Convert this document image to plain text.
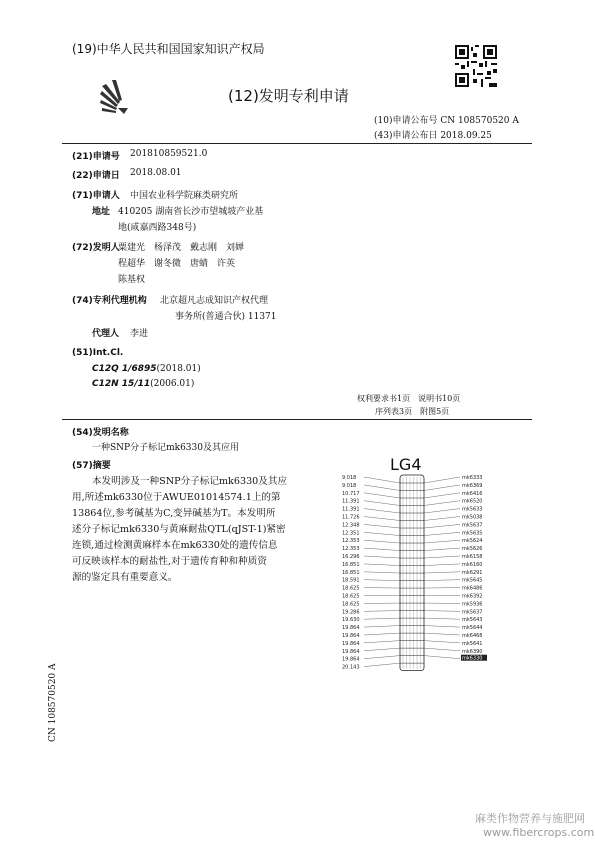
(19)中华人民共和国国家知识产权局
(12)发明专利申请
(10)申请公布号 CN 108570520 A
(43)申请公布日 2018.09.25
(21)申请号 201810859521.0
(22)申请日 2018.08.01
(71)申请人 中国农业科学院麻类研究所
地址 410205 湖南省长沙市望城坡产业基
地(咸嘉西路348号)
(72)发明人
粟建光　杨泽茂　戴志刚　刘婵
程超华　谢冬微　唐蜻　许英
陈基权
(74)专利代理机构 北京超凡志成知识产权代理
事务所(普通合伙) 11371
代理人 李进
(51)Int.Cl.
C12Q 1/6895(2018.01)
C12N 15/11(2006.01)
权利要求书1页　说明书10页
序列表3页　附图5页
(54)发明名称
一种SNP分子标记mk6330及其应用
(57)摘要
本发明涉及一种SNP分子标记mk6330及其应
用,所述mk6330位于AWUE01014574.1上的第
13864位,参考碱基为C,变异碱基为T。本发明所
述分子标记mk6330与黄麻耐盐QTL(qJST-1)紧密
连锁,通过检测黄麻样本在mk6330处的遗传信息
可反映该样本的耐盐性,对于遗传育种和种质资
源的鉴定具有重要意义。
LG4
9.018
9.018
10.717
11.391
11.391
11.726
12.348
12.351
12.353
12.353
16.296
16.851
16.851
18.591
18.625
18.625
18.625
19.286
19.630
19.864
19.864
19.864
19.864
19.864
20.143
mk6333
mk6369
mk6416
mk6520
mk5633
mk5038
mk5637
mk5635
mk5624
mk5626
mk6158
mk6160
mk6291
mk5645
mk6486
mk6392
mk5936
mk5637
mk5643
mk5644
mk6468
mk5641
mk6390
mk6330
CN 108570520 A
麻类作物营养与施肥网
www.fibercrops.com
